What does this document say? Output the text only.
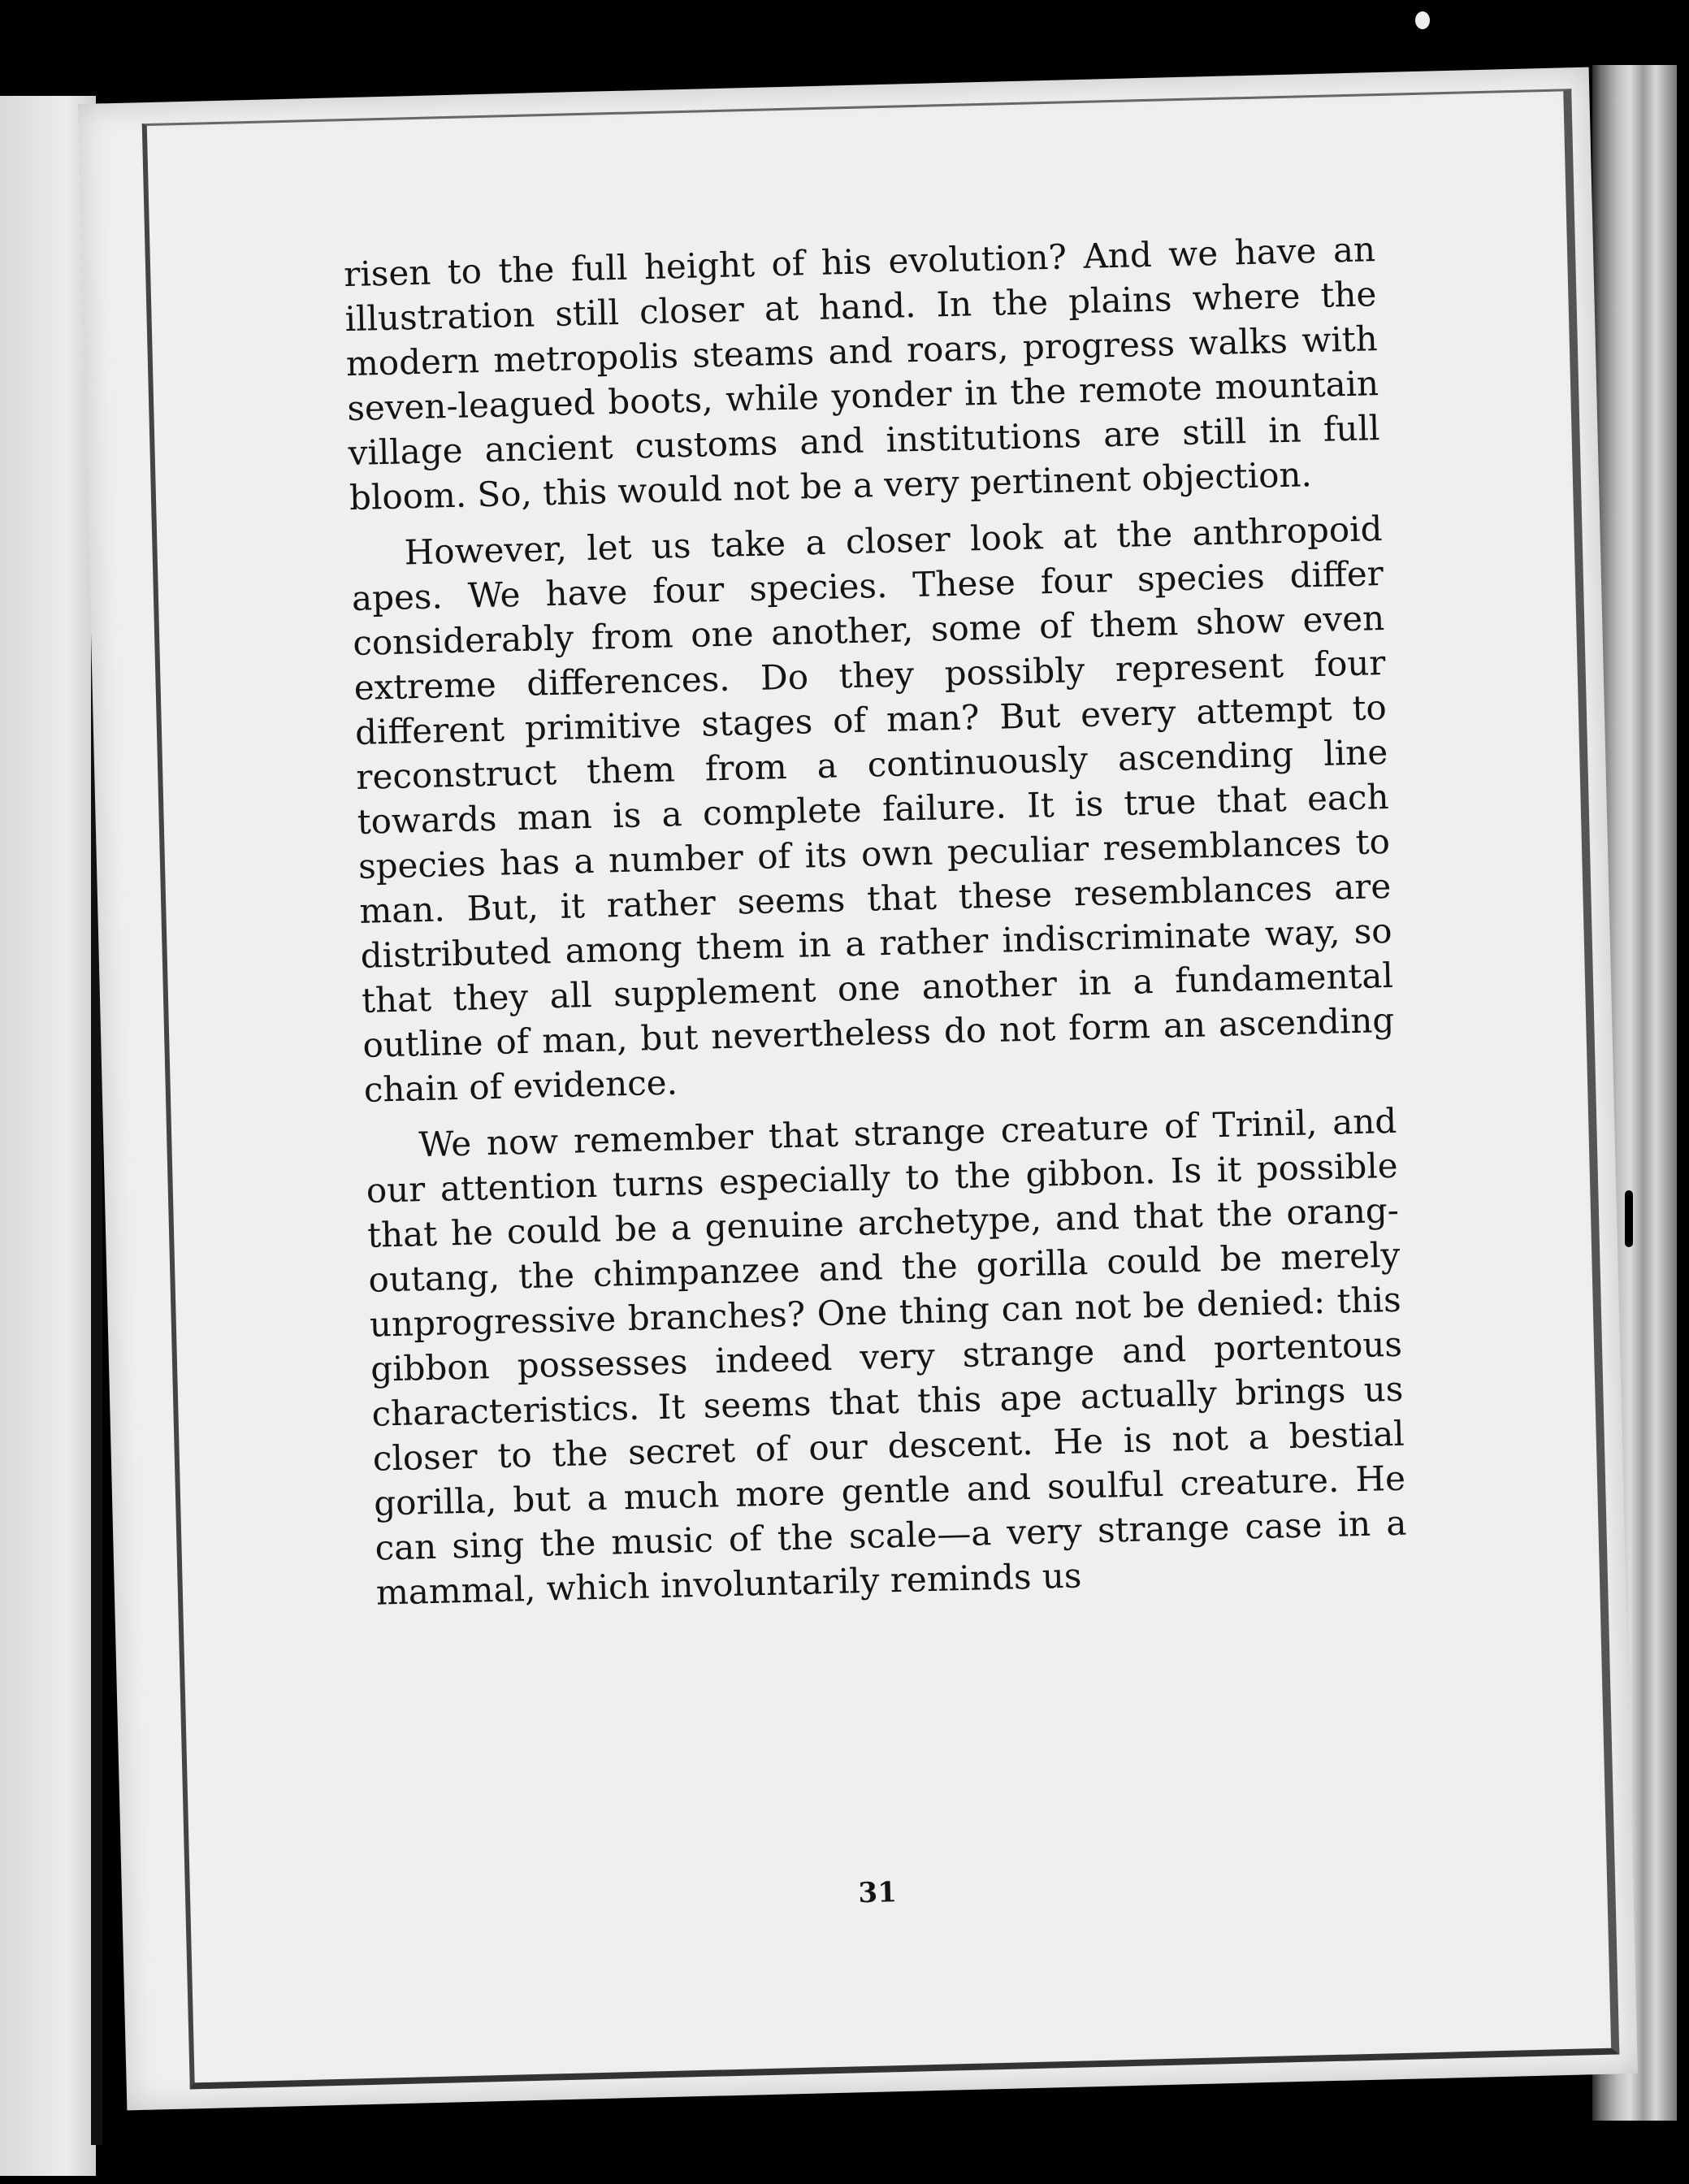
risen to the full height of his evolution? And we have an illustration still closer at hand. In the plains where the modern metropolis steams and roars, progress walks with seven-leagued boots, while yonder in the remote mountain village ancient customs and institutions are still in full bloom. So, this would not be a very pertinent objection.

However, let us take a closer look at the anthropoid apes. We have four species. These four species differ considerably from one another, some of them show even extreme differences. Do they possibly represent four different primitive stages of man? But every attempt to reconstruct them from a continuously ascending line towards man is a complete failure. It is true that each species has a number of its own peculiar resemblances to man. But, it rather seems that these resemblances are distributed among them in a rather indiscriminate way, so that they all supplement one another in a fundamental outline of man, but nevertheless do not form an ascending chain of evidence.

We now remember that strange creature of Trinil, and our attention turns especially to the gibbon. Is it possible that he could be a genuine archetype, and that the orang-outang, the chimpanzee and the gorilla could be merely unprogressive branches? One thing can not be denied: this gibbon possesses indeed very strange and portentous characteristics. It seems that this ape actually brings us closer to the secret of our descent. He is not a bestial gorilla, but a much more gentle and soulful creature. He can sing the music of the scale—a very strange case in a mammal, which involuntarily reminds us

31
